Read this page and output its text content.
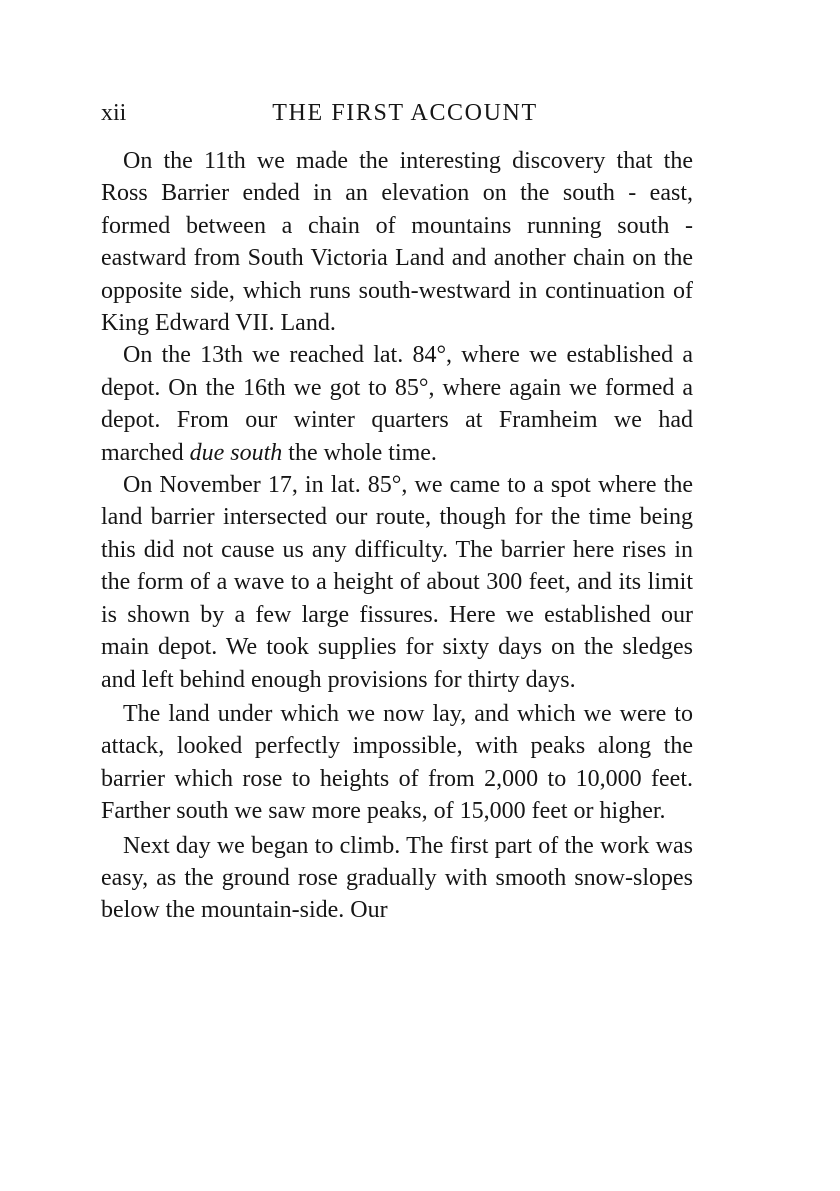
xii	THE FIRST ACCOUNT

On the 11th we made the interesting discovery that the Ross Barrier ended in an elevation on the south - east, formed between a chain of mountains running south - eastward from South Victoria Land and another chain on the opposite side, which runs south-westward in continuation of King Edward VII. Land.

On the 13th we reached lat. 84°, where we established a depot. On the 16th we got to 85°, where again we formed a depot. From our winter quarters at Framheim we had marched due south the whole time.

On November 17, in lat. 85°, we came to a spot where the land barrier intersected our route, though for the time being this did not cause us any difficulty. The barrier here rises in the form of a wave to a height of about 300 feet, and its limit is shown by a few large fissures. Here we established our main depot. We took supplies for sixty days on the sledges and left behind enough provisions for thirty days.

The land under which we now lay, and which we were to attack, looked perfectly impossible, with peaks along the barrier which rose to heights of from 2,000 to 10,000 feet. Farther south we saw more peaks, of 15,000 feet or higher.

Next day we began to climb. The first part of the work was easy, as the ground rose gradually with smooth snow-slopes below the mountain-side. Our
